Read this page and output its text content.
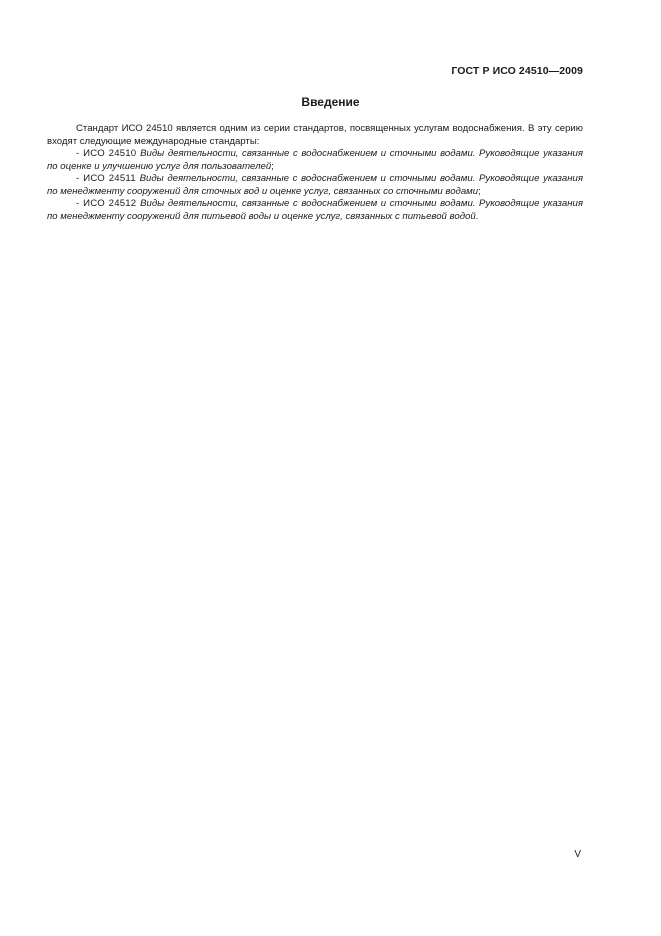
ГОСТ Р ИСО 24510—2009
Введение

Стандарт ИСО 24510 является одним из серии стандартов, посвященных услугам водоснабжения. В эту серию входят следующие международные стандарты:

- ИСО 24510 Виды деятельности, связанные с водоснабжением и сточными водами. Руководящие указания по оценке и улучшению услуг для пользователей;

- ИСО 24511 Виды деятельности, связанные с водоснабжением и сточными водами. Руководящие указания по менеджменту сооружений для сточных вод и оценке услуг, связанных со сточными водами;

- ИСО 24512 Виды деятельности, связанные с водоснабжением и сточными водами. Руководящие указания по менеджменту сооружений для питьевой воды и оценке услуг, связанных с питьевой водой.

V
